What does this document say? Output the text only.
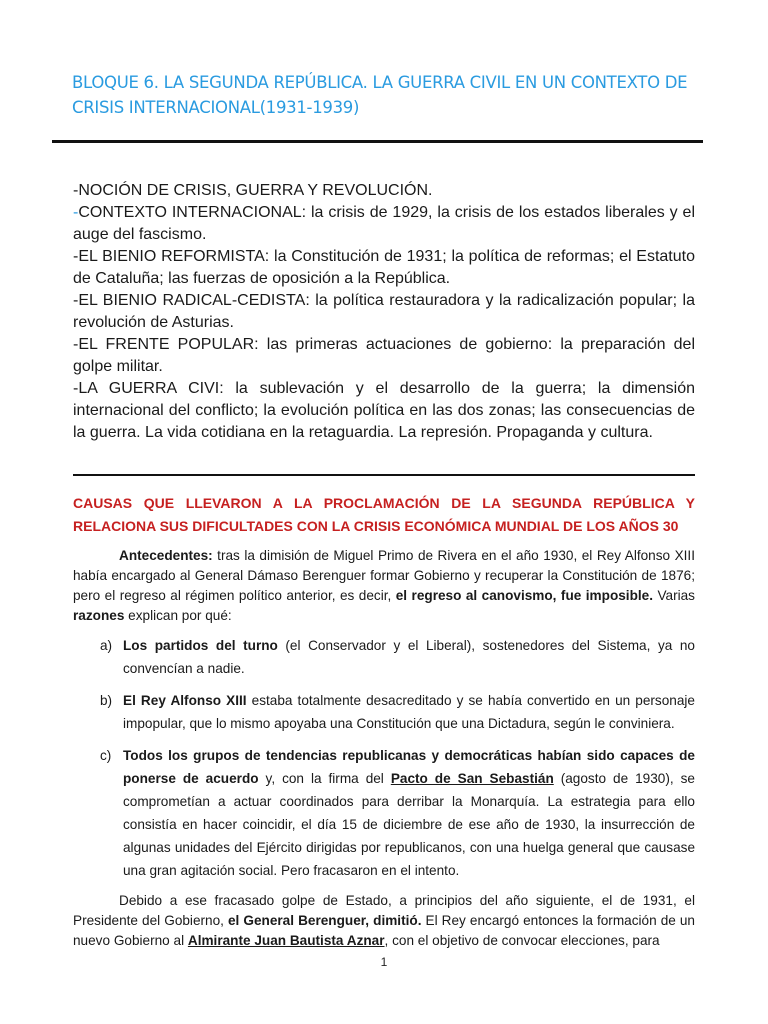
BLOQUE 6. LA SEGUNDA REPÚBLICA. LA GUERRA CIVIL EN UN CONTEXTO DE CRISIS INTERNACIONAL(1931-1939)

-NOCIÓN DE CRISIS, GUERRA Y REVOLUCIÓN.

-CONTEXTO INTERNACIONAL: la crisis de 1929, la crisis de los estados liberales y el auge del fascismo.

-EL BIENIO REFORMISTA: la Constitución de 1931; la política de reformas; el Estatuto de Cataluña; las fuerzas de oposición a la República.

-EL BIENIO RADICAL-CEDISTA: la política restauradora y la radicalización popular; la revolución de Asturias.

-EL FRENTE POPULAR: las primeras actuaciones de gobierno: la preparación del golpe militar.

-LA GUERRA CIVI: la sublevación y el desarrollo de la guerra; la dimensión internacional del conflicto; la evolución política en las dos zonas; las consecuencias de la guerra. La vida cotidiana en la retaguardia. La represión. Propaganda y cultura.

CAUSAS QUE LLEVARON A LA PROCLAMACIÓN DE LA SEGUNDA REPÚBLICA Y RELACIONA SUS DIFICULTADES CON LA CRISIS ECONÓMICA MUNDIAL DE LOS AÑOS 30

Antecedentes: tras la dimisión de Miguel Primo de Rivera en el año 1930, el Rey Alfonso XIII había encargado al General Dámaso Berenguer formar Gobierno y recuperar la Constitución de 1876; pero el regreso al régimen político anterior, es decir, el regreso al canovismo, fue imposible. Varias razones explican por qué:

a) Los partidos del turno (el Conservador y el Liberal), sostenedores del Sistema, ya no convencían a nadie.
b) El Rey Alfonso XIII estaba totalmente desacreditado y se había convertido en un personaje impopular, que lo mismo apoyaba una Constitución que una Dictadura, según le conviniera.
c) Todos los grupos de tendencias republicanas y democráticas habían sido capaces de ponerse de acuerdo y, con la firma del Pacto de San Sebastián (agosto de 1930), se comprometían a actuar coordinados para derribar la Monarquía. La estrategia para ello consistía en hacer coincidir, el día 15 de diciembre de ese año de 1930, la insurrección de algunas unidades del Ejército dirigidas por republicanos, con una huelga general que causase una gran agitación social. Pero fracasaron en el intento.

Debido a ese fracasado golpe de Estado, a principios del año siguiente, el de 1931, el Presidente del Gobierno, el General Berenguer, dimitió. El Rey encargó entonces la formación de un nuevo Gobierno al Almirante Juan Bautista Aznar, con el objetivo de convocar elecciones, para

1
